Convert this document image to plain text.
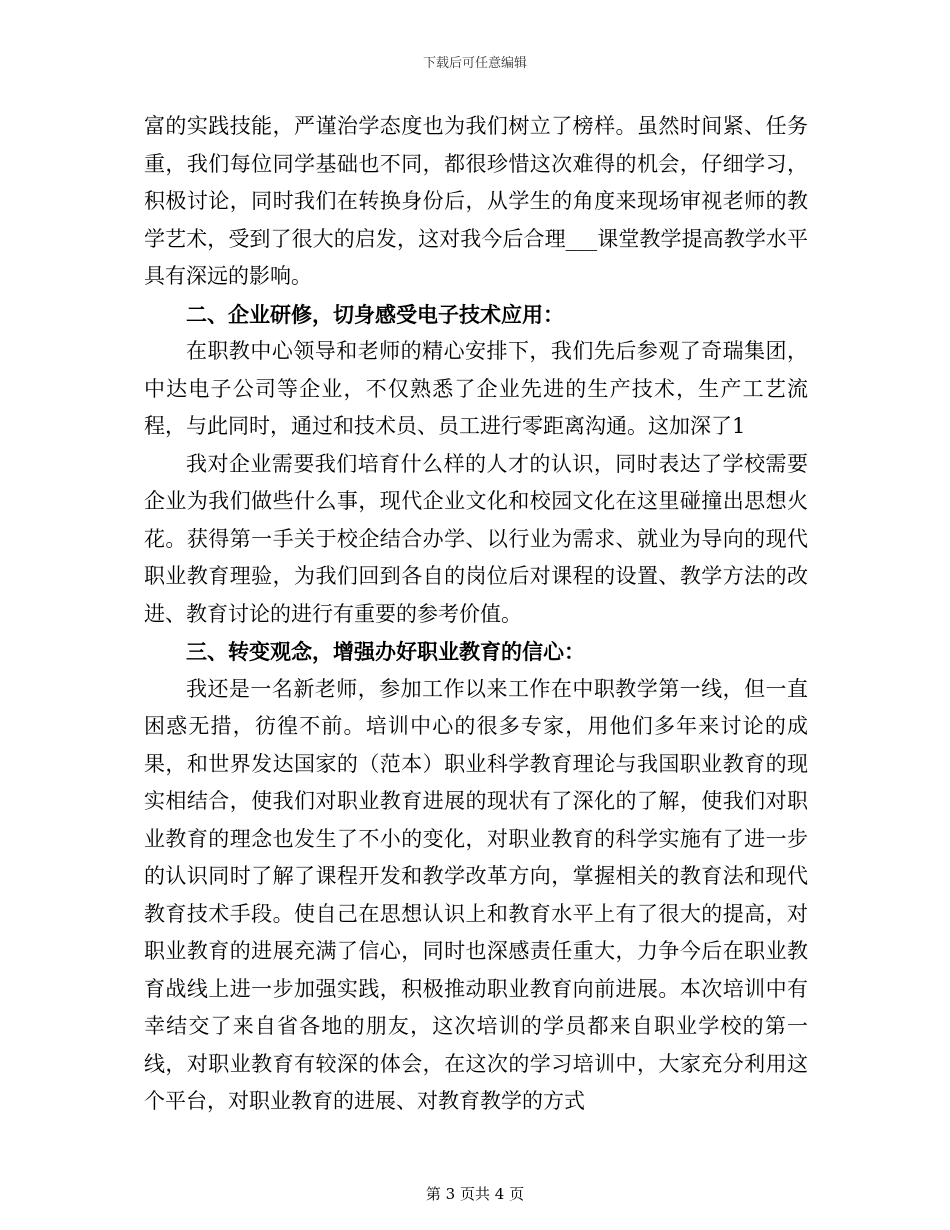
下载后可任意编辑

富的实践技能，严谨治学态度也为我们树立了榜样。虽然时间紧、任务重，我们每位同学基础也不同，都很珍惜这次难得的机会，仔细学习，积极讨论，同时我们在转换身份后，从学生的角度来现场审视老师的教学艺术，受到了很大的启发，这对我今后合理___课堂教学提高教学水平具有深远的影响。

二、企业研修，切身感受电子技术应用：

在职教中心领导和老师的精心安排下，我们先后参观了奇瑞集团，中达电子公司等企业，不仅熟悉了企业先进的生产技术，生产工艺流程，与此同时，通过和技术员、员工进行零距离沟通。这加深了1

我对企业需要我们培育什么样的人才的认识，同时表达了学校需要企业为我们做些什么事，现代企业文化和校园文化在这里碰撞出思想火花。获得第一手关于校企结合办学、以行业为需求、就业为导向的现代职业教育理验，为我们回到各自的岗位后对课程的设置、教学方法的改进、教育讨论的进行有重要的参考价值。

三、转变观念，增强办好职业教育的信心：

我还是一名新老师，参加工作以来工作在中职教学第一线，但一直困惑无措，彷徨不前。培训中心的很多专家，用他们多年来讨论的成果，和世界发达国家的（范本）职业科学教育理论与我国职业教育的现实相结合，使我们对职业教育进展的现状有了深化的了解，使我们对职业教育的理念也发生了不小的变化，对职业教育的科学实施有了进一步的认识同时了解了课程开发和教学改革方向，掌握相关的教育法和现代教育技术手段。使自己在思想认识上和教育水平上有了很大的提高，对职业教育的进展充满了信心，同时也深感责任重大，力争今后在职业教育战线上进一步加强实践，积极推动职业教育向前进展。本次培训中有幸结交了来自省各地的朋友，这次培训的学员都来自职业学校的第一线，对职业教育有较深的体会，在这次的学习培训中，大家充分利用这个平台，对职业教育的进展、对教育教学的方式

第 3 页共 4 页
